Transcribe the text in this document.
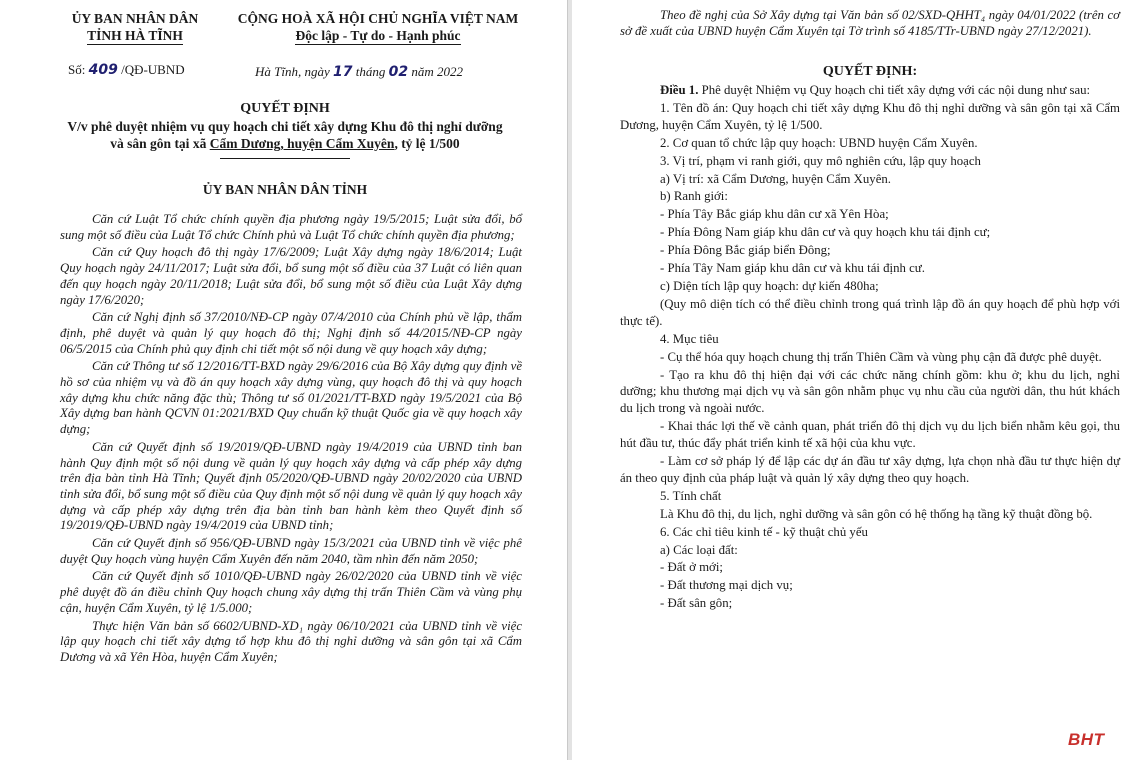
ỦY BAN NHÂN DÂN
TỈNH HÀ TĨNH
CỘNG HOÀ XÃ HỘI CHỦ NGHĨA VIỆT NAM
Độc lập - Tự do - Hạnh phúc
Số: 409 /QĐ-UBND	Hà Tĩnh, ngày 17 tháng 02 năm 2022
QUYẾT ĐỊNH
V/v phê duyệt nhiệm vụ quy hoạch chi tiết xây dựng Khu đô thị nghỉ dưỡng
và sân gôn tại xã Cẩm Dương, huyện Cẩm Xuyên, tỷ lệ 1/500
ỦY BAN NHÂN DÂN TỈNH

Căn cứ Luật Tổ chức chính quyền địa phương ngày 19/5/2015; Luật sửa đổi, bổ sung một số điều của Luật Tổ chức Chính phủ và Luật Tổ chức chính quyền địa phương;

Căn cứ Quy hoạch đô thị ngày 17/6/2009; Luật Xây dựng ngày 18/6/2014; Luật Quy hoạch ngày 24/11/2017; Luật sửa đổi, bổ sung một số điều của 37 Luật có liên quan đến quy hoạch ngày 20/11/2018; Luật sửa đổi, bổ sung một số điều của Luật Xây dựng ngày 17/6/2020;

Căn cứ Nghị định số 37/2010/NĐ-CP ngày 07/4/2010 của Chính phủ về lập, thẩm định, phê duyệt và quản lý quy hoạch đô thị; Nghị định số 44/2015/NĐ-CP ngày 06/5/2015 của Chính phủ quy định chi tiết một số nội dung về quy hoạch xây dựng;

Căn cứ Thông tư số 12/2016/TT-BXD ngày 29/6/2016 của Bộ Xây dựng quy định về hồ sơ của nhiệm vụ và đồ án quy hoạch xây dựng vùng, quy hoạch đô thị và quy hoạch xây dựng khu chức năng đặc thù; Thông tư số 01/2021/TT-BXD ngày 19/5/2021 của Bộ Xây dựng ban hành QCVN 01:2021/BXD Quy chuẩn kỹ thuật Quốc gia về quy hoạch xây dựng;

Căn cứ Quyết định số 19/2019/QĐ-UBND ngày 19/4/2019 của UBND tỉnh ban hành Quy định một số nội dung về quản lý quy hoạch xây dựng và cấp phép xây dựng trên địa bàn tỉnh Hà Tĩnh; Quyết định 05/2020/QĐ-UBND ngày 20/02/2020 của UBND tỉnh sửa đổi, bổ sung một số điều của Quy định một số nội dung về quản lý quy hoạch xây dựng và cấp phép xây dựng trên địa bàn tỉnh ban hành kèm theo Quyết định số 19/2019/QĐ-UBND ngày 19/4/2019 của UBND tỉnh;

Căn cứ Quyết định số 956/QĐ-UBND ngày 15/3/2021 của UBND tỉnh về việc phê duyệt Quy hoạch vùng huyện Cẩm Xuyên đến năm 2040, tầm nhìn đến năm 2050;

Căn cứ Quyết định số 1010/QĐ-UBND ngày 26/02/2020 của UBND tỉnh về việc phê duyệt đồ án điều chỉnh Quy hoạch chung xây dựng thị trấn Thiên Cầm và vùng phụ cận, huyện Cẩm Xuyên, tỷ lệ 1/5.000;

Thực hiện Văn bản số 6602/UBND-XD₁ ngày 06/10/2021 của UBND tỉnh về việc lập quy hoạch chi tiết xây dựng tổ hợp khu đô thị nghỉ dưỡng và sân gôn tại xã Cẩm Dương và xã Yên Hòa, huyện Cẩm Xuyên;

Theo đề nghị của Sở Xây dựng tại Văn bản số 02/SXD-QHHT₄ ngày 04/01/2022 (trên cơ sở đề xuất của UBND huyện Cẩm Xuyên tại Tờ trình số 4185/TTr-UBND ngày 27/12/2021).

QUYẾT ĐỊNH:

Điều 1. Phê duyệt Nhiệm vụ Quy hoạch chi tiết xây dựng với các nội dung như sau:

1. Tên đồ án: Quy hoạch chi tiết xây dựng Khu đô thị nghỉ dưỡng và sân gôn tại xã Cẩm Dương, huyện Cẩm Xuyên, tỷ lệ 1/500.

2. Cơ quan tổ chức lập quy hoạch: UBND huyện Cẩm Xuyên.

3. Vị trí, phạm vi ranh giới, quy mô nghiên cứu, lập quy hoạch

a) Vị trí: xã Cẩm Dương, huyện Cẩm Xuyên.

b) Ranh giới:

- Phía Tây Bắc giáp khu dân cư xã Yên Hòa;

- Phía Đông Nam giáp khu dân cư và quy hoạch khu tái định cư;

- Phía Đông Bắc giáp biển Đông;

- Phía Tây Nam giáp khu dân cư và khu tái định cư.

c) Diện tích lập quy hoạch: dự kiến 480ha;

(Quy mô diện tích có thể điều chỉnh trong quá trình lập đồ án quy hoạch để phù hợp với thực tế).

4. Mục tiêu

- Cụ thể hóa quy hoạch chung thị trấn Thiên Cầm và vùng phụ cận đã được phê duyệt.

- Tạo ra khu đô thị hiện đại với các chức năng chính gồm: khu ở; khu du lịch, nghỉ dưỡng; khu thương mại dịch vụ và sân gôn nhằm phục vụ nhu cầu của người dân, thu hút khách du lịch trong và ngoài nước.

- Khai thác lợi thế về cảnh quan, phát triển đô thị dịch vụ du lịch biển nhằm kêu gọi, thu hút đầu tư, thúc đẩy phát triển kinh tế xã hội của khu vực.

- Làm cơ sở pháp lý để lập các dự án đầu tư xây dựng, lựa chọn nhà đầu tư thực hiện dự án theo quy định của pháp luật và quản lý xây dựng theo quy hoạch.

5. Tính chất

Là Khu đô thị, du lịch, nghỉ dưỡng và sân gôn có hệ thống hạ tầng kỹ thuật đồng bộ.

6. Các chỉ tiêu kinh tế - kỹ thuật chủ yếu

a) Các loại đất:

- Đất ở mới;

- Đất thương mại dịch vụ;

- Đất sân gôn;

BHT
